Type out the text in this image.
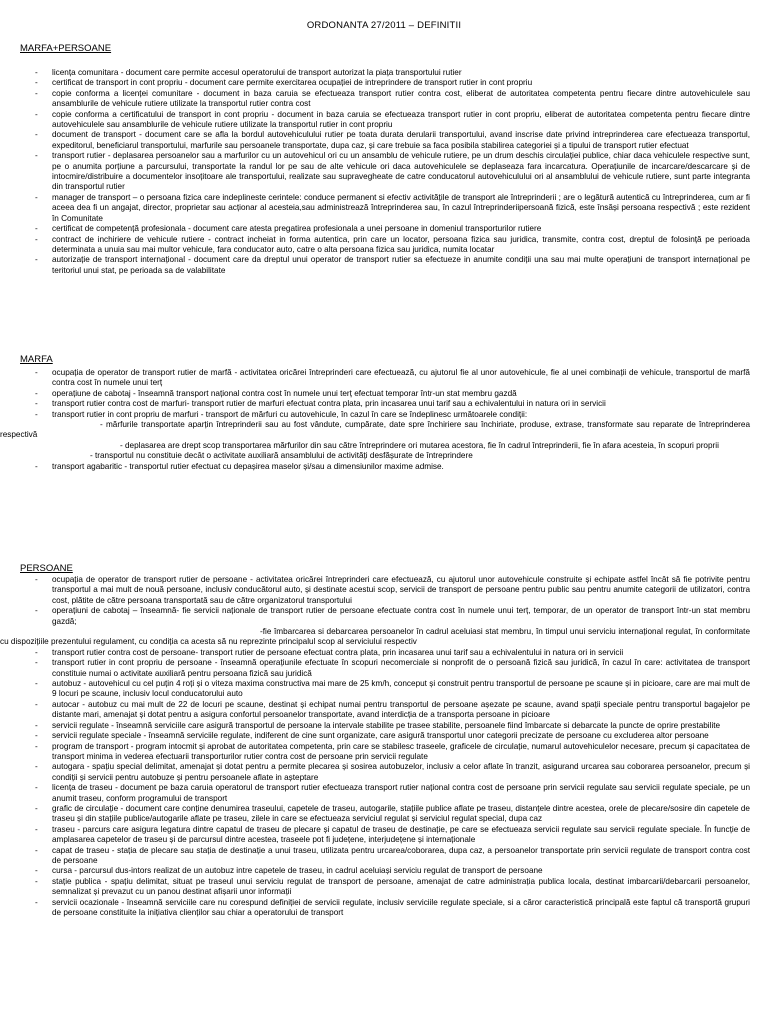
ORDONANTA 27/2011 – DEFINITII
MARFA+PERSOANE
- licența comunitara - document care permite accesul operatorului de transport autorizat la piața transportului rutier
- certificat de transport in cont propriu - document care permite exercitarea ocupației de intreprindere de transport rutier in cont propriu
- copie conforma a licenței comunitare - document in baza caruia se efectueaza transport rutier contra cost, eliberat de autoritatea competenta pentru fiecare dintre autovehiculele sau ansamblurile de vehicule rutiere utilizate la transportul rutier contra cost
- copie conforma a certificatului de transport in cont propriu - document in baza caruia se efectueaza transport rutier in cont propriu, eliberat de autoritatea competenta pentru fiecare dintre autovehiculele sau ansamblurile de vehicule rutiere utilizate la transportul rutier in cont propriu
- document de transport - document care se afla la bordul autovehiculului rutier pe toata durata derularii transportului, avand inscrise date privind intreprinderea care efectueaza transportul, expeditorul, beneficiarul transportului, marfurile sau persoanele transportate, dupa caz, și care trebuie sa faca posibila stabilirea categoriei și a tipului de transport rutier efectuat
- transport rutier - deplasarea persoanelor sau a marfurilor cu un autovehicul ori cu un ansamblu de vehicule rutiere, pe un drum deschis circulației publice, chiar daca vehiculele respective sunt, pe o anumita porțiune a parcursului, transportate la randul lor pe sau de alte vehicule ori daca autovehiculele se deplaseaza fara incarcatura. Operațiunile de incarcare/descarcare și de intocmire/distribuire a documentelor insoțitoare ale transportului, realizate sau supravegheate de catre conducatorul autovehiculului ori al ansamblului de vehicule rutiere, sunt parte integranta din transportul rutier
- manager de transport – o persoana fizica care indeplineste cerintele: conduce permanent si efectiv activitățile de transport ale întreprinderii ; are o legătură autentică cu întreprinderea, cum ar fi aceea dea fi un angajat, director, proprietar sau acționar al acesteia,sau administrează întreprinderea sau, în cazul întreprinderiipersoană fizică, este însăși persoana respectivă ; este rezident în Comunitate
- certificat de competență profesionala - document care atesta pregatirea profesionala a unei persoane in domeniul transporturilor rutiere
- contract de inchiriere de vehicule rutiere - contract incheiat in forma autentica, prin care un locator, persoana fizica sau juridica, transmite, contra cost, dreptul de folosință pe perioada determinata a unuia sau mai multor vehicule, fara conducator auto, catre o alta persoana fizica sau juridica, numita locatar
- autorizație de transport internațional - document care da dreptul unui operator de transport rutier sa efectueze in anumite condiții una sau mai multe operațiuni de transport internațional pe teritoriul unui stat, pe perioada sa de valabilitate
MARFA
- ocupația de operator de transport rutier de marfă - activitatea oricărei întreprinderi care efectuează, cu ajutorul fie al unor autovehicule, fie al unei combinații de vehicule, transportul de marfă contra cost în numele unui terț
- operațiune de cabotaj - înseamnă transport național contra cost în numele unui terț efectuat temporar într-un stat membru gazdă
- transport rutier contra cost de marfuri- transport rutier de marfuri efectuat contra plata, prin incasarea unui tarif sau a echivalentului in natura ori in servicii
- transport rutier in cont propriu de marfuri - transport de mărfuri cu autovehicule, în cazul în care se îndeplinesc următoarele condiții:
- mărfurile transportate aparțin întreprinderii sau au fost vândute, cumpărate, date spre închiriere sau închiriate, produse, extrase, transformate sau reparate de întreprinderea respectivă
- deplasarea are drept scop transportarea mărfurilor din sau către întreprindere ori mutarea acestora, fie în cadrul întreprinderii, fie în afara acesteia, în scopuri proprii
- transportul nu constituie decât o activitate auxiliară ansamblului de activități desfășurate de întreprindere
- transport agabaritic - transportul rutier efectuat cu depașirea maselor și/sau a dimensiunilor maxime admise.
PERSOANE
- ocupația de operator de transport rutier de persoane - activitatea oricărei întreprinderi care efectuează, cu ajutorul unor autovehicule construite și echipate astfel încât să fie potrivite pentru transportul a mai mult de nouă persoane, inclusiv conducătorul auto, și destinate acestui scop, servicii de transport de persoane pentru public sau pentru anumite categorii de utilizatori, contra cost, plătite de către persoana transportată sau de către organizatorul transportului
- operațiuni de cabotaj – înseamnă- fie servicii naționale de transport rutier de persoane efectuate contra cost în numele unui terț, temporar, de un operator de transport într-un stat membru gazdă;
-fie îmbarcarea si debarcarea persoanelor în cadrul aceluiasi stat membru, în timpul unui serviciu internațional regulat, în conformitate cu dispozițiile prezentului regulament, cu condiția ca acesta să nu reprezinte principalul scop al serviciului respectiv
- transport rutier contra cost de persoane- transport rutier de persoane efectuat contra plata, prin incasarea unui tarif sau a echivalentului in natura ori in servicii
- transport rutier in cont propriu de persoane - înseamnă operațiunile efectuate în scopuri necomerciale si nonprofit de o persoană fizică sau juridică, în cazul în care: activitatea de transport constituie numai o activitate auxiliară pentru persoana fizică sau juridică
- autobuz - autovehicul cu cel puțin 4 roți și o viteza maxima constructiva mai mare de 25 km/h, conceput și construit pentru transportul de persoane pe scaune și in picioare, care are mai mult de 9 locuri pe scaune, inclusiv locul conducatorului auto
- autocar - autobuz cu mai mult de 22 de locuri pe scaune, destinat și echipat numai pentru transportul de persoane așezate pe scaune, avand spații speciale pentru transportul bagajelor pe distante mari, amenajat și dotat pentru a asigura confortul persoanelor transportate, avand interdicția de a transporta persoane in picioare
- servicii regulate - înseamnă serviciile care asigură transportul de persoane la intervale stabilite pe trasee stabilite, persoanele fiind îmbarcate si debarcate la puncte de oprire prestabilite
- servicii regulate speciale - înseamnă serviciile regulate, indiferent de cine sunt organizate, care asigură transportul unor categorii precizate de persoane cu excluderea altor persoane
- program de transport - program intocmit și aprobat de autoritatea competenta, prin care se stabilesc traseele, graficele de circulație, numarul autovehiculelor necesare, precum și capacitatea de transport minima in vederea efectuarii transporturilor rutier contra cost de persoane prin servicii regulate
- autogara - spațiu special delimitat, amenajat și dotat pentru a permite plecarea și sosirea autobuzelor, inclusiv a celor aflate în tranzit, asigurand urcarea sau coborarea persoanelor, precum și condiții și servicii pentru autobuze și pentru persoanele aflate in așteptare
- licența de traseu - document pe baza caruia operatorul de transport rutier efectueaza transport rutier național contra cost de persoane prin servicii regulate sau servicii regulate speciale, pe un anumit traseu, conform programului de transport
- grafic de circulație - document care conține denumirea traseului, capetele de traseu, autogarile, stațiile publice aflate pe traseu, distanțele dintre acestea, orele de plecare/sosire din capetele de traseu și din stațiile publice/autogarile aflate pe traseu, zilele in care se efectueaza serviciul regulat și serviciul regulat special, dupa caz
- traseu - parcurs care asigura legatura dintre capatul de traseu de plecare și capatul de traseu de destinație, pe care se efectueaza servicii regulate sau servicii regulate speciale. În funcție de amplasarea capetelor de traseu și de parcursul dintre acestea, traseele pot fi județene, interjudețene și internaționale
- capat de traseu - stația de plecare sau stația de destinație a unui traseu, utilizata pentru urcarea/coborarea, dupa caz, a persoanelor transportate prin servicii regulate de transport contra cost de persoane
- cursa - parcursul dus-intors realizat de un autobuz intre capetele de traseu, in cadrul aceluiași serviciu regulat de transport de persoane
- stație publica - spațiu delimitat, situat pe traseul unui serviciu regulat de transport de persoane, amenajat de catre administrația publica locala, destinat imbarcarii/debarcarii persoanelor, semnalizat și prevazut cu un panou destinat afișarii unor informații
- servicii ocazionale - înseamnă serviciile care nu corespund definiției de servicii regulate, inclusiv serviciile regulate speciale, si a căror caracteristică principală este faptul că transportă grupuri de persoane constituite la inițiativa clienților sau chiar a operatorului de transport
